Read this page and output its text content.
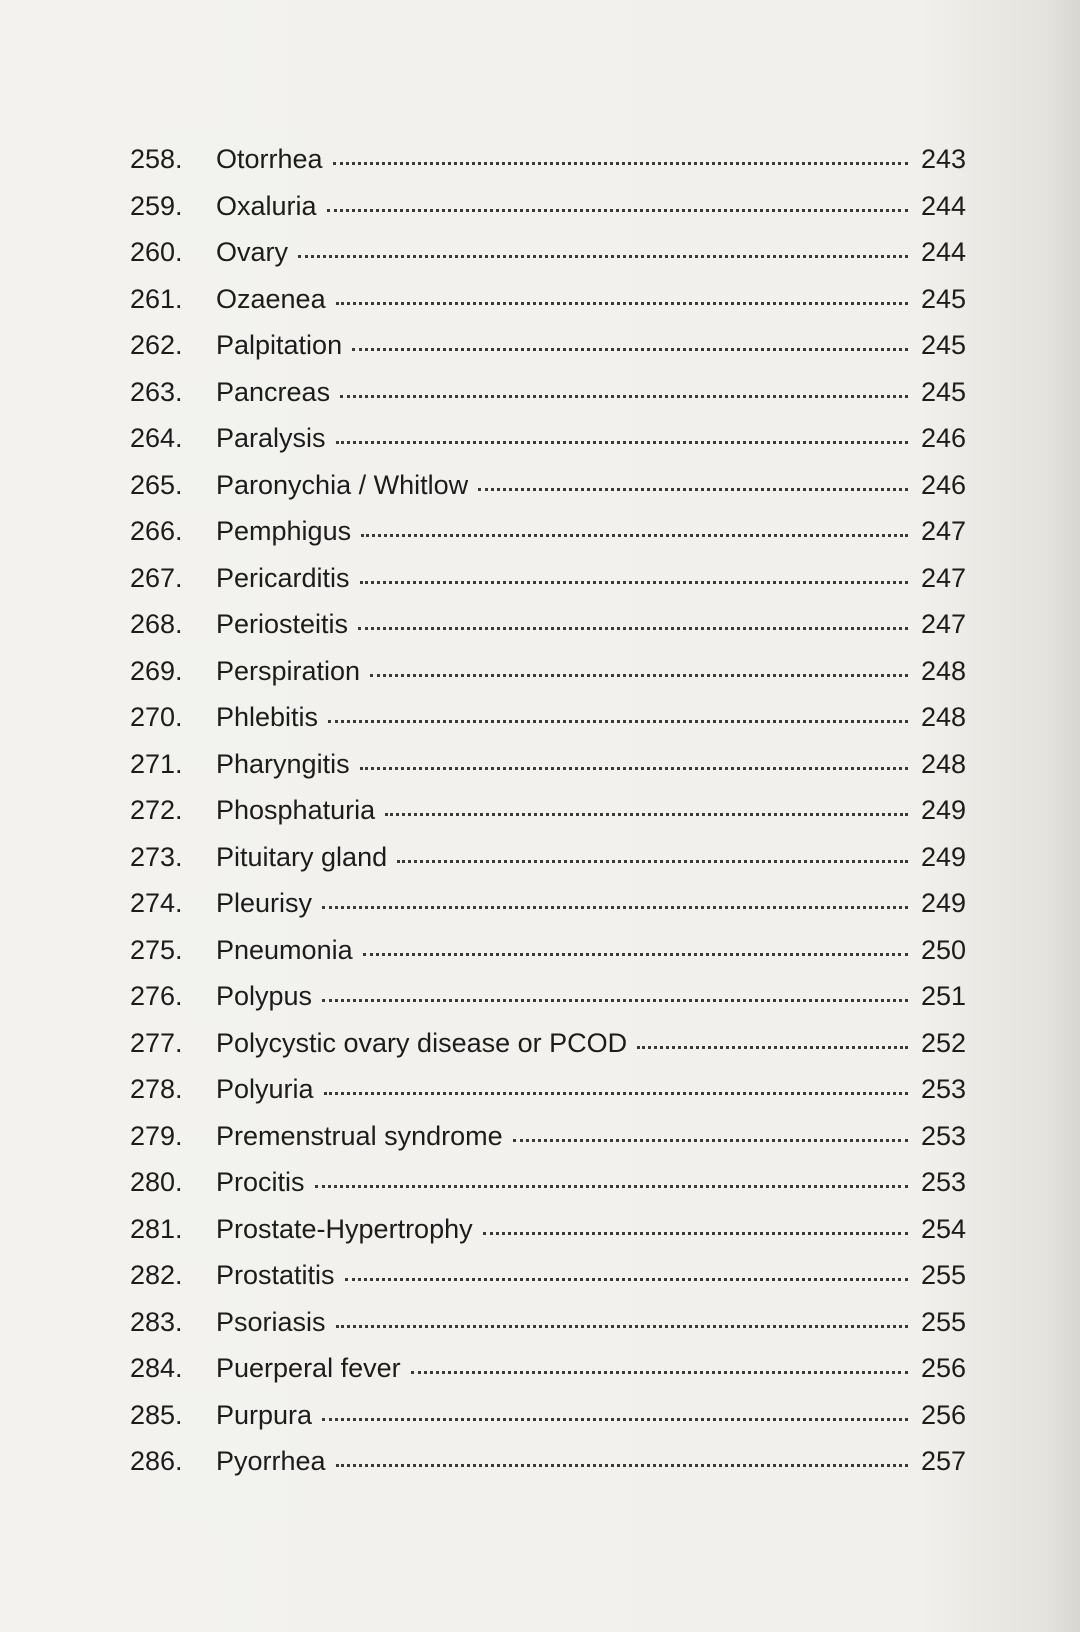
258.	Otorrhea	243
259.	Oxaluria	244
260.	Ovary	244
261.	Ozaenea	245
262.	Palpitation	245
263.	Pancreas	245
264.	Paralysis	246
265.	Paronychia / Whitlow	246
266.	Pemphigus	247
267.	Pericarditis	247
268.	Periosteitis	247
269.	Perspiration	248
270.	Phlebitis	248
271.	Pharyngitis	248
272.	Phosphaturia	249
273.	Pituitary gland	249
274.	Pleurisy	249
275.	Pneumonia	250
276.	Polypus	251
277.	Polycystic ovary disease or PCOD	252
278.	Polyuria	253
279.	Premenstrual syndrome	253
280.	Procitis	253
281.	Prostate-Hypertrophy	254
282.	Prostatitis	255
283.	Psoriasis	255
284.	Puerperal fever	256
285.	Purpura	256
286.	Pyorrhea	257
